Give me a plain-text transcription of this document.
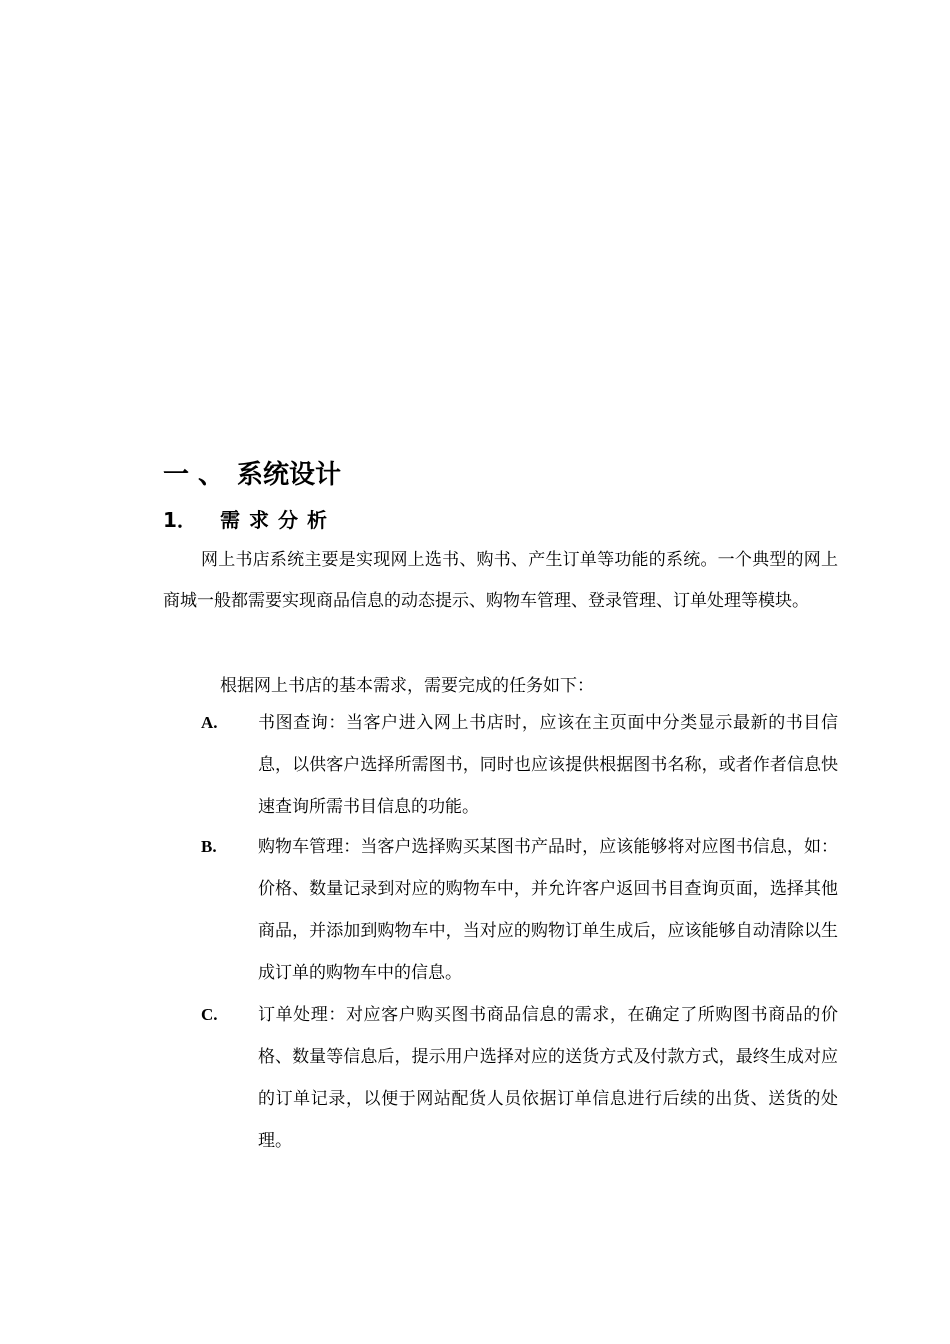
一 、 系统设计
1． 需求分析

网上书店系统主要是实现网上选书、购书、产生订单等功能的系统。一个典型的网上商城一般都需要实现商品信息的动态提示、购物车管理、登录管理、订单处理等模块。

根据网上书店的基本需求，需要完成的任务如下：

A. 书图查询：当客户进入网上书店时，应该在主页面中分类显示最新的书目信息，以供客户选择所需图书，同时也应该提供根据图书名称，或者作者信息快速查询所需书目信息的功能。
B. 购物车管理：当客户选择购买某图书产品时，应该能够将对应图书信息，如：价格、数量记录到对应的购物车中，并允许客户返回书目查询页面，选择其他商品，并添加到购物车中，当对应的购物订单生成后，应该能够自动清除以生成订单的购物车中的信息。
C. 订单处理：对应客户购买图书商品信息的需求，在确定了所购图书商品的价格、数量等信息后，提示用户选择对应的送货方式及付款方式，最终生成对应的订单记录，以便于网站配货人员依据订单信息进行后续的出货、送货的处理。
